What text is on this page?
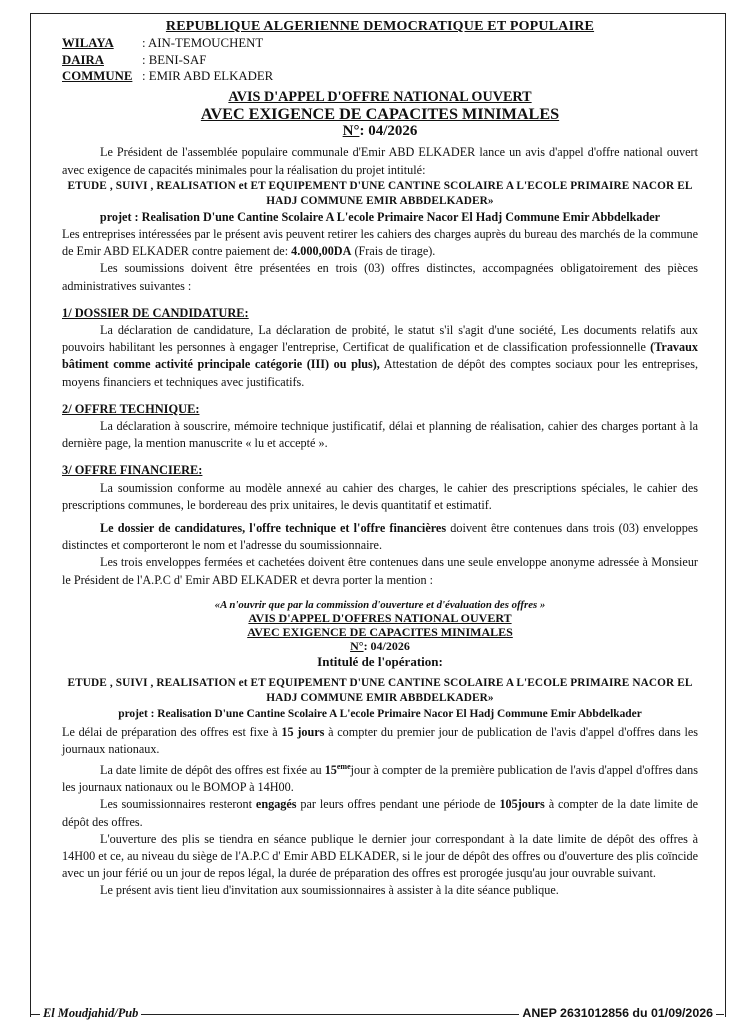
REPUBLIQUE ALGERIENNE DEMOCRATIQUE ET POPULAIRE
WILAYA	: AIN-TEMOUCHENT
DAIRA	: BENI-SAF
COMMUNE : EMIR ABD ELKADER
AVIS D'APPEL D'OFFRE NATIONAL OUVERT
AVEC EXIGENCE DE CAPACITES MINIMALES
N°: 04/2026
Le Président de l'assemblée populaire communale d'Emir ABD ELKADER lance un avis d'appel d'offre national ouvert avec exigence de capacités minimales pour la réalisation du projet intitulé:
ETUDE , SUIVI , REALISATION et ET EQUIPEMENT D'UNE CANTINE SCOLAIRE A L'ECOLE PRIMAIRE NACOR EL HADJ COMMUNE EMIR ABBDELKADER»
projet : Realisation D'une Cantine Scolaire A L'ecole Primaire Nacor El Hadj Commune Emir Abbdelkader
Les entreprises intéressées par le présent avis peuvent retirer les cahiers des charges auprès du bureau des marchés de la commune de Emir ABD ELKADER contre paiement de: 4.000,00DA (Frais de tirage).
Les soumissions doivent être présentées en trois (03) offres distinctes, accompagnées obligatoirement des pièces administratives suivantes :
1/ DOSSIER DE CANDIDATURE:
La déclaration de candidature, La déclaration de probité, le statut s'il s'agit d'une société, Les documents relatifs aux pouvoirs habilitant les personnes à engager l'entreprise, Certificat de qualification et de classification professionnelle (Travaux bâtiment comme activité principale catégorie (III) ou plus), Attestation de dépôt des comptes sociaux pour les entreprises, moyens financiers et techniques avec justificatifs.
2/ OFFRE TECHNIQUE:
La déclaration à souscrire, mémoire technique justificatif, délai et planning de réalisation, cahier des charges portant à la dernière page, la mention manuscrite « lu et accepté ».
3/ OFFRE FINANCIERE:
La soumission conforme au modèle annexé au cahier des charges, le cahier des prescriptions spéciales, le cahier des prescriptions communes, le bordereau des prix unitaires, le devis quantitatif et estimatif.
Le dossier de candidatures, l'offre technique et l'offre financières doivent être contenues dans trois (03) enveloppes distinctes et comporteront le nom et l'adresse du soumissionnaire.
Les trois enveloppes fermées et cachetées doivent être contenues dans une seule enveloppe anonyme adressée à Monsieur le Président de l'A.P.C d' Emir ABD ELKADER et devra porter la mention :
«A n'ouvrir que par la commission d'ouverture et d'évaluation des offres »
AVIS D'APPEL D'OFFRES NATIONAL OUVERT
AVEC EXIGENCE DE CAPACITES MINIMALES
N°: 04/2026
Intitulé de l'opération:
ETUDE , SUIVI , REALISATION et ET EQUIPEMENT D'UNE CANTINE SCOLAIRE A L'ECOLE PRIMAIRE NACOR EL HADJ COMMUNE EMIR ABBDELKADER»
projet : Realisation D'une Cantine Scolaire A L'ecole Primaire Nacor El Hadj Commune Emir Abbdelkader
Le délai de préparation des offres est fixe à 15 jours à compter du premier jour de publication de l'avis d'appel d'offres dans les journaux nationaux.
La date limite de dépôt des offres est fixée au 15emejour à compter de la première publication de l'avis d'appel d'offres dans les journaux nationaux ou le BOMOP à 14H00.
Les soumissionnaires resteront engagés par leurs offres pendant une période de 105jours à compter de la date limite de dépôt des offres.
L'ouverture des plis se tiendra en séance publique le dernier jour correspondant à la date limite de dépôt des offres à 14H00 et ce, au niveau du siège de l'A.P.C d' Emir ABD ELKADER, si le jour de dépôt des offres ou d'ouverture des plis coïncide avec un jour férié ou un jour de repos légal, la durée de préparation des offres est prorogée jusqu'au jour ouvrable suivant.
Le présent avis tient lieu d'invitation aux soumissionnaires à assister à la dite séance publique.
El Moudjahid/Pub	ANEP 2631012856 du 01/09/2026
